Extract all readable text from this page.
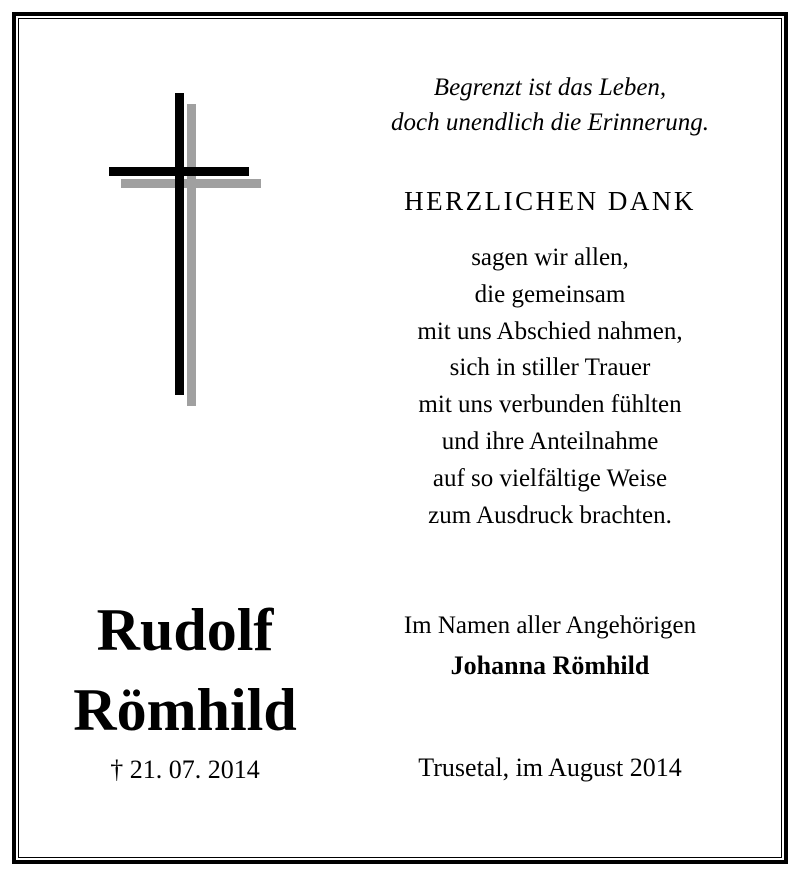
Begrenzt ist das Leben,
doch unendlich die Erinnerung.
HERZLICHEN DANK
sagen wir allen,
die gemeinsam
mit uns Abschied nahmen,
sich in stiller Trauer
mit uns verbunden fühlten
und ihre Anteilnahme
auf so vielfältige Weise
zum Ausdruck brachten.
Rudolf
Römhild
† 21. 07. 2014
Im Namen aller Angehörigen
Johanna Römhild
Trusetal, im August 2014
